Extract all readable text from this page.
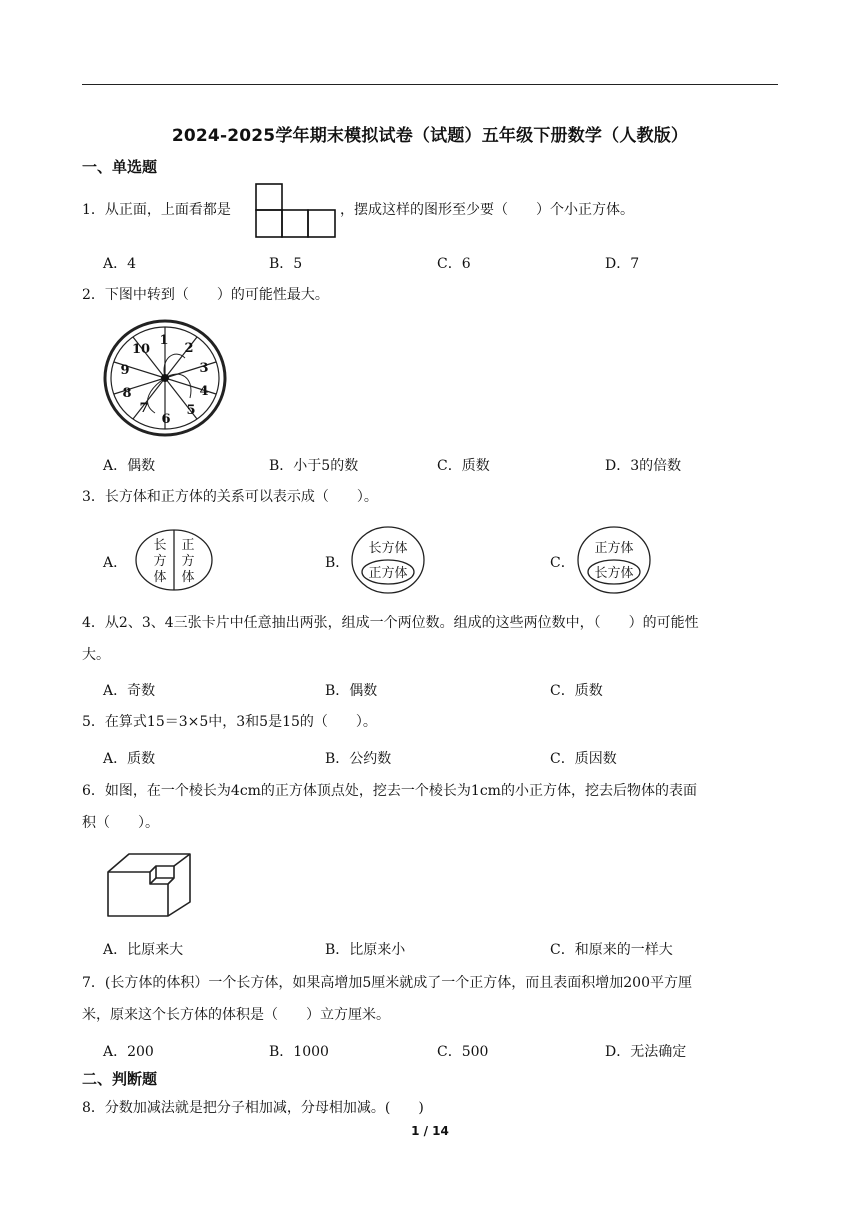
2024-2025学年期末模拟试卷（试题）五年级下册数学（人教版）
一、单选题
1．从正面，上面看都是	，摆成这样的图形至少要（　　）个小正方体。
A．4	B．5	C．6	D．7
2．下图中转到（　　）的可能性最大。
1
2
3
4
5
6
7
8
9
10
A．偶数	B．小于5的数	C．质数	D．3的倍数
3．长方体和正方体的关系可以表示成（　　）。
A．
长
方
体
正
方
体
B．
长方体
正方体
C．
正方体
长方体
4．从2、3、4三张卡片中任意抽出两张，组成一个两位数。组成的这些两位数中，（　　）的可能性
大。
A．奇数	B．偶数	C．质数
5．在算式15＝3×5中，3和5是15的（　　）。
A．质数	B．公约数	C．质因数
6．如图，在一个棱长为4cm的正方体顶点处，挖去一个棱长为1cm的小正方体，挖去后物体的表面
积（　　）。
A．比原来大	B．比原来小	C．和原来的一样大
7．(长方体的体积）一个长方体，如果高增加5厘米就成了一个正方体，而且表面积增加200平方厘
米，原来这个长方体的体积是（　　）立方厘米。
A．200	B．1000	C．500	D．无法确定
二、判断题
8．分数加减法就是把分子相加减，分母相加减。(　　)
1 / 14
